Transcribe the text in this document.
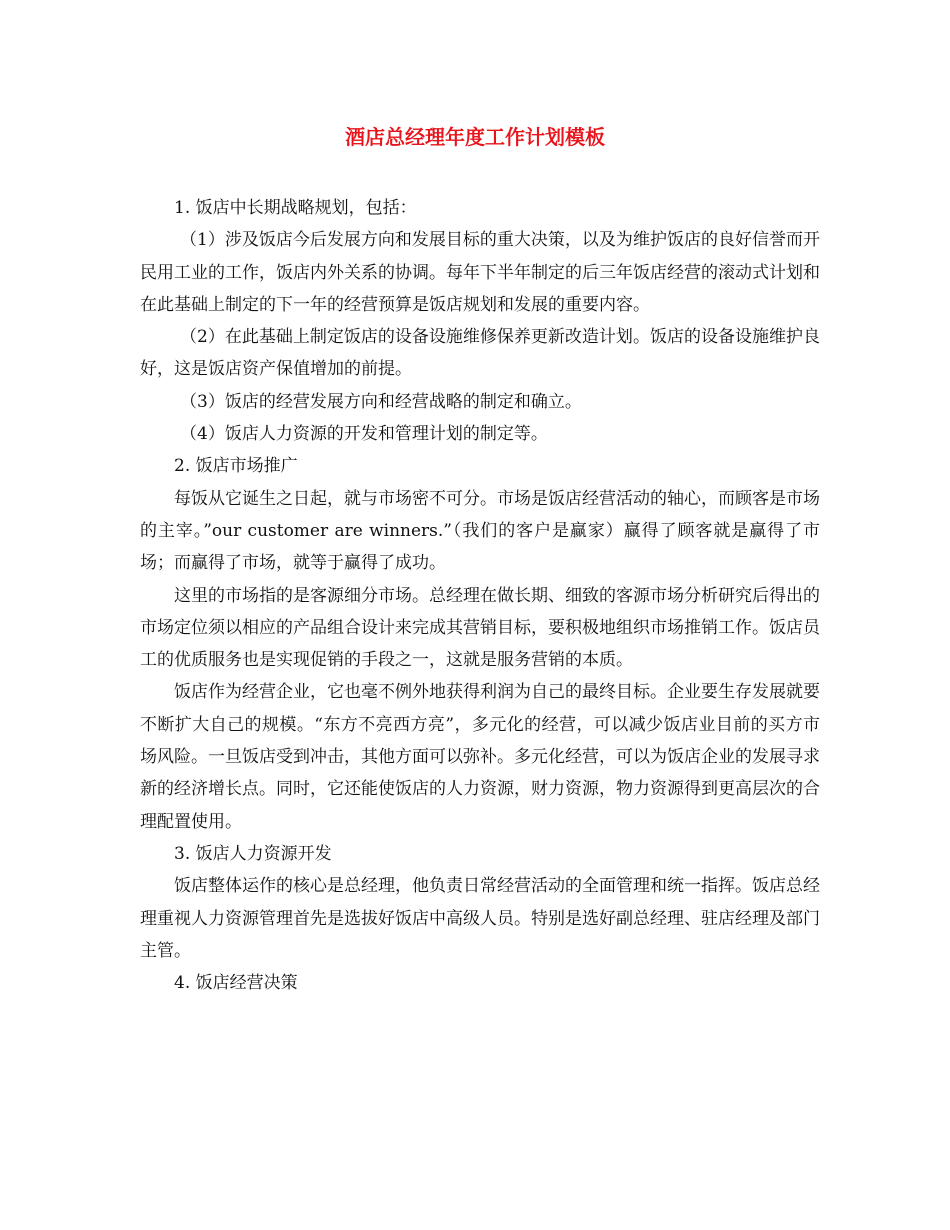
酒店总经理年度工作计划模板

1. 饭店中长期战略规划，包括：

（1）涉及饭店今后发展方向和发展目标的重大决策，以及为维护饭店的良好信誉而开民用工业的工作，饭店内外关系的协调。每年下半年制定的后三年饭店经营的滚动式计划和在此基础上制定的下一年的经营预算是饭店规划和发展的重要内容。

（2）在此基础上制定饭店的设备设施维修保养更新改造计划。饭店的设备设施维护良好，这是饭店资产保值增加的前提。

（3）饭店的经营发展方向和经营战略的制定和确立。

（4）饭店人力资源的开发和管理计划的制定等。

2. 饭店市场推广

每饭从它诞生之日起，就与市场密不可分。市场是饭店经营活动的轴心，而顾客是市场的主宰。”our customer are winners.”（我们的客户是赢家）赢得了顾客就是赢得了市场；而赢得了市场，就等于赢得了成功。

这里的市场指的是客源细分市场。总经理在做长期、细致的客源市场分析研究后得出的市场定位须以相应的产品组合设计来完成其营销目标，要积极地组织市场推销工作。饭店员工的优质服务也是实现促销的手段之一，这就是服务营销的本质。

饭店作为经营企业，它也毫不例外地获得利润为自己的最终目标。企业要生存发展就要不断扩大自己的规模。“东方不亮西方亮”，多元化的经营，可以减少饭店业目前的买方市场风险。一旦饭店受到冲击，其他方面可以弥补。多元化经营，可以为饭店企业的发展寻求新的经济增长点。同时，它还能使饭店的人力资源，财力资源，物力资源得到更高层次的合理配置使用。

3. 饭店人力资源开发

饭店整体运作的核心是总经理，他负责日常经营活动的全面管理和统一指挥。饭店总经理重视人力资源管理首先是选拔好饭店中高级人员。特别是选好副总经理、驻店经理及部门主管。

4. 饭店经营决策
